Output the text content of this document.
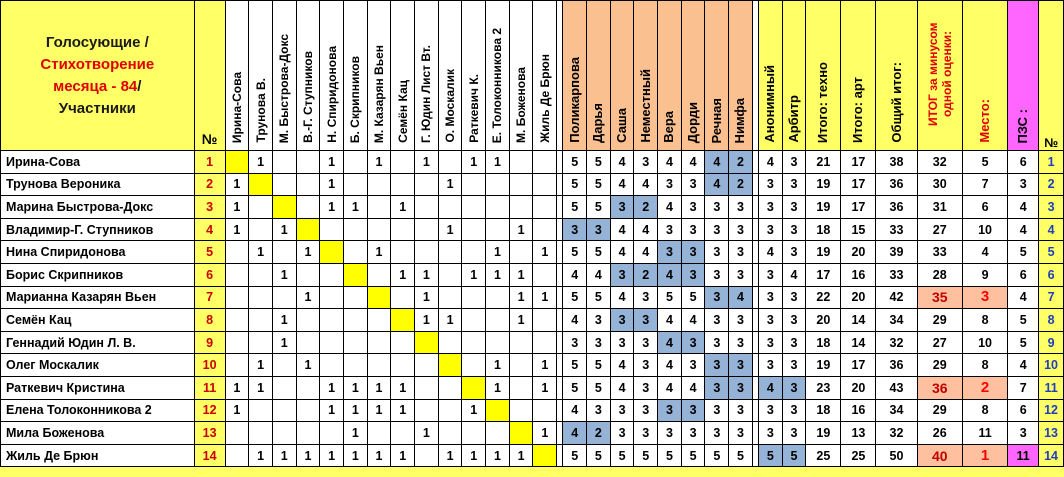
Голосующие /
Стихотворение
месяца - 84/
Участники	№	Ирина-Сова	Трунова В.	М. Быстрова-Докс	В.-Г. Ступников	Н. Спиридонова	Б. Скрипников	М. Казарян Вьен	Семён Кац	Г. Юдин Лист Вт.	О. Москалик	Раткевич К.	Е. Толоконникова 2	М. Боженова	Жиль Де Брюн		Поликарпова	Дарья	Саша	Неместный	Вера	Дорди	Речная	Нимфа		Анонимный	Арбитр	Итого: техно	Итого: арт	Общий итог:	ИТОГ за минусом одной оценки:	Место:	ПЗС :	№
Ирина-Сова	1		1			1		1		1		1	1				5	5	4	3	4	4	4	2		4	3	21	17	38	32	5	6	1
Трунова Вероника	2	1				1					1						5	5	4	4	3	3	4	2		3	3	19	17	36	30	7	3	2
Марина Быстрова-Докс	3	1				1	1		1								5	5	3	2	4	3	3	3		3	3	19	17	36	31	6	4	3
Владимир-Г. Ступников	4	1		1							1			1			3	3	4	4	3	3	3	3		3	3	18	15	33	27	10	4	4
Нина Спиридонова	5		1		1			1					1		1		5	5	4	4	3	3	3	3		4	3	19	20	39	33	4	5	5
Борис Скрипников	6			1					1	1		1	1	1			4	4	3	2	4	3	3	3		3	4	17	16	33	28	9	6	6
Марианна Казарян Вьен	7				1					1				1	1		5	5	4	3	5	5	3	4		3	3	22	20	42	35	3	4	7
Семён Кац	8			1						1	1			1			4	3	3	3	4	4	3	3		3	3	20	14	34	29	8	5	8
Геннадий Юдин Л. В.	9			1													3	3	3	3	4	3	3	3		3	3	18	14	32	27	10	5	9
Олег Москалик	10		1		1								1		1		5	5	4	3	4	3	3	3		3	3	19	17	36	29	8	4	10
Раткевич Кристина	11	1	1			1	1	1	1				1		1		5	5	4	3	4	4	3	3		4	3	23	20	43	36	2	7	11
Елена Толоконникова 2	12	1				1	1	1	1			1					4	3	3	3	3	3	3	3		3	3	18	16	34	29	8	6	12
Мила Боженова	13						1			1					1		4	2	3	3	3	3	3	3		3	3	19	13	32	26	11	3	13
Жиль Де Брюн	14		1	1	1	1	1	1	1		1	1	1	1			5	5	5	5	5	5	5	5		5	5	25	25	50	40	1	11	14
